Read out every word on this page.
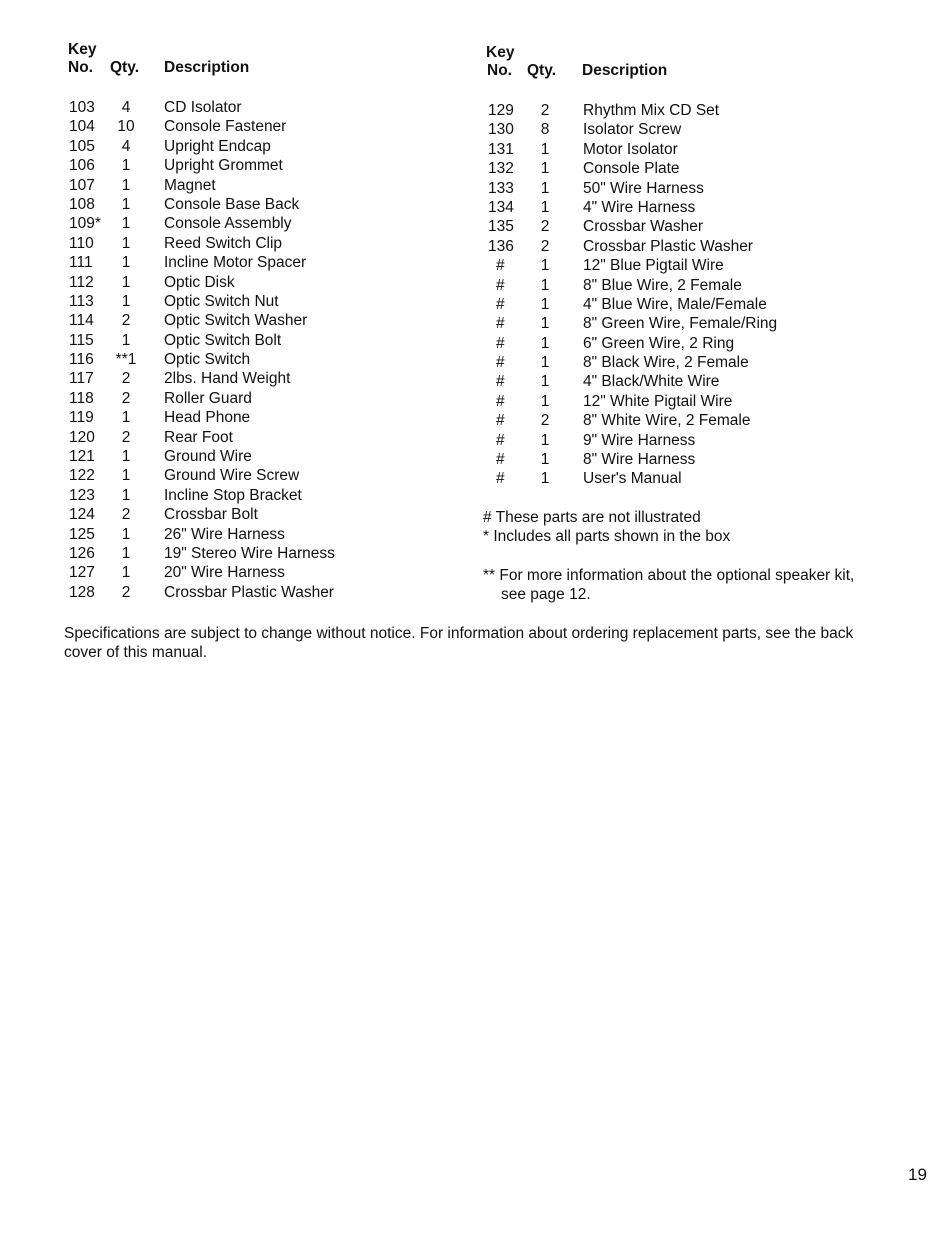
Key
No. Qty. Description
103	4	CD Isolator
104	10	Console Fastener
105	4	Upright Endcap
106	1	Upright Grommet
107	1	Magnet
108	1	Console Base Back
109*	1	Console Assembly
110	1	Reed Switch Clip
111	1	Incline Motor Spacer
112	1	Optic Disk
113	1	Optic Switch Nut
114	2	Optic Switch Washer
115	1	Optic Switch Bolt
116	**1	Optic Switch
117	2	2lbs. Hand Weight
118	2	Roller Guard
119	1	Head Phone
120	2	Rear Foot
121	1	Ground Wire
122	1	Ground Wire Screw
123	1	Incline Stop Bracket
124	2	Crossbar Bolt
125	1	26" Wire Harness
126	1	19" Stereo Wire Harness
127	1	20" Wire Harness
128	2	Crossbar Plastic Washer
Key
No. Qty. Description
129	2	Rhythm Mix CD Set
130	8	Isolator Screw
131	1	Motor Isolator
132	1	Console Plate
133	1	50" Wire Harness
134	1	4" Wire Harness
135	2	Crossbar Washer
136	2	Crossbar Plastic Washer
#	1	12" Blue Pigtail Wire
#	1	8" Blue Wire, 2 Female
#	1	4" Blue Wire, Male/Female
#	1	8" Green Wire, Female/Ring
#	1	6" Green Wire, 2 Ring
#	1	8" Black Wire, 2 Female
#	1	4" Black/White Wire
#	1	12" White Pigtail Wire
#	2	8" White Wire, 2 Female
#	1	9" Wire Harness
#	1	8" Wire Harness
#	1	User's Manual
# These parts are not illustrated
* Includes all parts shown in the box
** For more information about the optional speaker kit,
see page 12.
Specifications are subject to change without notice. For information about ordering replacement parts, see the back cover of this manual.
19
